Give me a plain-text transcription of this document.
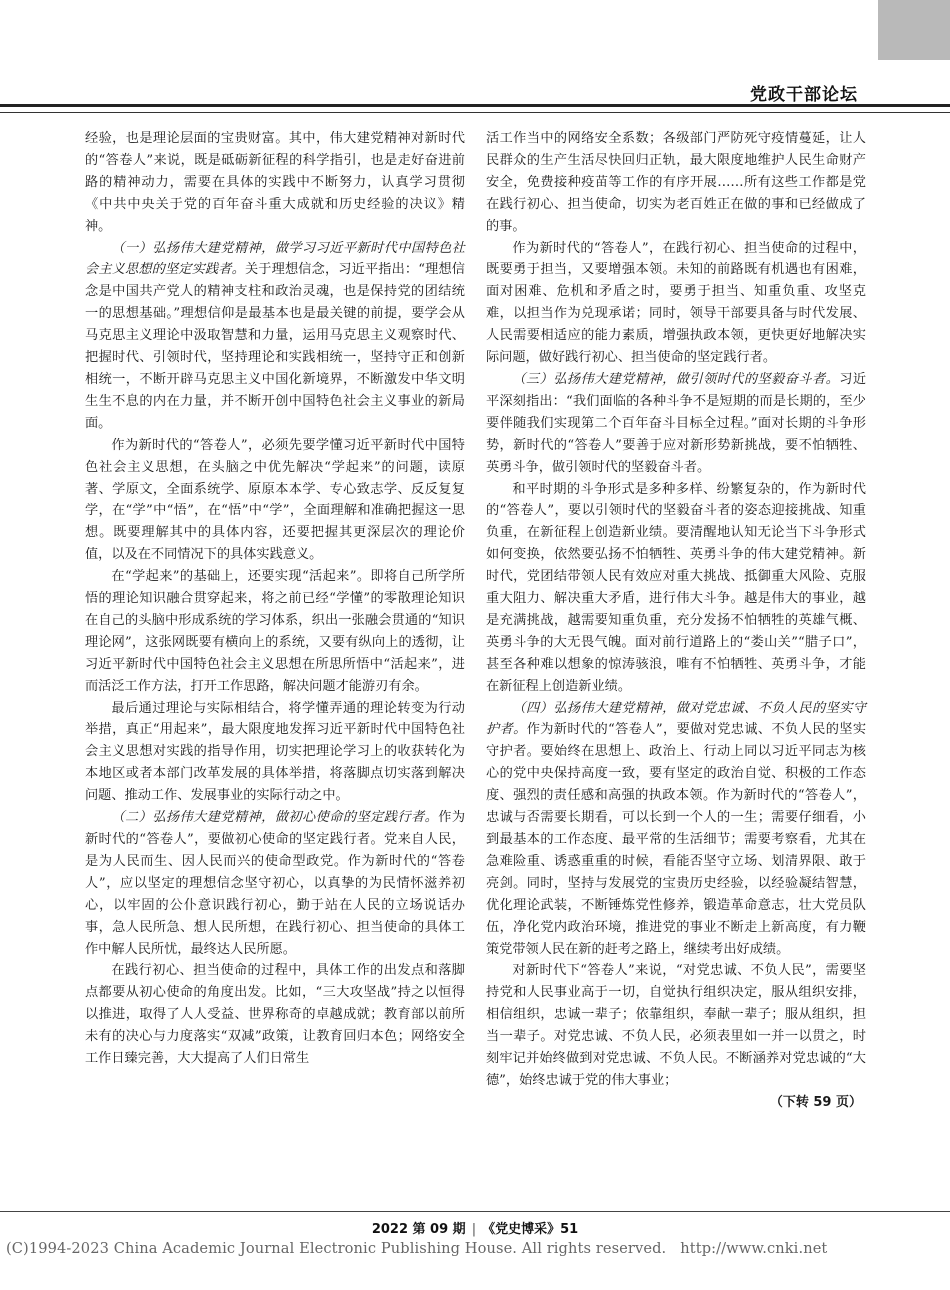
党政干部论坛

经验，也是理论层面的宝贵财富。其中，伟大建党精神对新时代的“答卷人”来说，既是砥砺新征程的科学指引，也是走好奋进前路的精神动力，需要在具体的实践中不断努力，认真学习贯彻《中共中央关于党的百年奋斗重大成就和历史经验的决议》精神。

（一）弘扬伟大建党精神，做学习习近平新时代中国特色社会主义思想的坚定实践者。关于理想信念，习近平指出：“理想信念是中国共产党人的精神支柱和政治灵魂，也是保持党的团结统一的思想基础。”理想信仰是最基本也是最关键的前提，要学会从马克思主义理论中汲取智慧和力量，运用马克思主义观察时代、把握时代、引领时代，坚持理论和实践相统一，坚持守正和创新相统一，不断开辟马克思主义中国化新境界，不断激发中华文明生生不息的内在力量，并不断开创中国特色社会主义事业的新局面。

作为新时代的“答卷人”，必须先要学懂习近平新时代中国特色社会主义思想，在头脑之中优先解决“学起来”的问题，读原著、学原文，全面系统学、原原本本学、专心致志学、反反复复学，在“学”中“悟”，在“悟”中“学”，全面理解和准确把握这一思想。既要理解其中的具体内容，还要把握其更深层次的理论价值，以及在不同情况下的具体实践意义。

在“学起来”的基础上，还要实现“活起来”。即将自己所学所悟的理论知识融合贯穿起来，将之前已经“学懂”的零散理论知识在自己的头脑中形成系统的学习体系，织出一张融会贯通的“知识理论网”，这张网既要有横向上的系统，又要有纵向上的透彻，让习近平新时代中国特色社会主义思想在所思所悟中“活起来”，进而活泛工作方法，打开工作思路，解决问题才能游刃有余。

最后通过理论与实际相结合，将学懂弄通的理论转变为行动举措，真正“用起来”，最大限度地发挥习近平新时代中国特色社会主义思想对实践的指导作用，切实把理论学习上的收获转化为本地区或者本部门改革发展的具体举措，将落脚点切实落到解决问题、推动工作、发展事业的实际行动之中。

（二）弘扬伟大建党精神，做初心使命的坚定践行者。作为新时代的“答卷人”，要做初心使命的坚定践行者。党来自人民，是为人民而生、因人民而兴的使命型政党。作为新时代的“答卷人”，应以坚定的理想信念坚守初心，以真挚的为民情怀滋养初心，以牢固的公仆意识践行初心，勤于站在人民的立场说话办事，急人民所急、想人民所想，在践行初心、担当使命的具体工作中解人民所忧，最终达人民所愿。

在践行初心、担当使命的过程中，具体工作的出发点和落脚点都要从初心使命的角度出发。比如，“三大攻坚战”持之以恒得以推进，取得了人人受益、世界称奇的卓越成就；教育部以前所未有的决心与力度落实“双减”政策，让教育回归本色；网络安全工作日臻完善，大大提高了人们日常生

活工作当中的网络安全系数；各级部门严防死守疫情蔓延，让人民群众的生产生活尽快回归正轨，最大限度地维护人民生命财产安全，免费接种疫苗等工作的有序开展……所有这些工作都是党在践行初心、担当使命，切实为老百姓正在做的事和已经做成了的事。

作为新时代的“答卷人”，在践行初心、担当使命的过程中，既要勇于担当，又要增强本领。未知的前路既有机遇也有困难，面对困难、危机和矛盾之时，要勇于担当、知重负重、攻坚克难，以担当作为兑现承诺；同时，领导干部要具备与时代发展、人民需要相适应的能力素质，增强执政本领，更快更好地解决实际问题，做好践行初心、担当使命的坚定践行者。

（三）弘扬伟大建党精神，做引领时代的坚毅奋斗者。习近平深刻指出：“我们面临的各种斗争不是短期的而是长期的，至少要伴随我们实现第二个百年奋斗目标全过程。”面对长期的斗争形势，新时代的“答卷人”要善于应对新形势新挑战，要不怕牺牲、英勇斗争，做引领时代的坚毅奋斗者。

和平时期的斗争形式是多种多样、纷繁复杂的，作为新时代的“答卷人”，要以引领时代的坚毅奋斗者的姿态迎接挑战、知重负重，在新征程上创造新业绩。要清醒地认知无论当下斗争形式如何变换，依然要弘扬不怕牺牲、英勇斗争的伟大建党精神。新时代，党团结带领人民有效应对重大挑战、抵御重大风险、克服重大阻力、解决重大矛盾，进行伟大斗争。越是伟大的事业，越是充满挑战，越需要知重负重，充分发扬不怕牺牲的英雄气概、英勇斗争的大无畏气魄。面对前行道路上的“娄山关”“腊子口”，甚至各种难以想象的惊涛骇浪，唯有不怕牺牲、英勇斗争，才能在新征程上创造新业绩。

（四）弘扬伟大建党精神，做对党忠诚、不负人民的坚实守护者。作为新时代的“答卷人”，要做对党忠诚、不负人民的坚实守护者。要始终在思想上、政治上、行动上同以习近平同志为核心的党中央保持高度一致，要有坚定的政治自觉、积极的工作态度、强烈的责任感和高强的执政本领。作为新时代的“答卷人”，忠诚与否需要长期看，可以长到一个人的一生；需要仔细看，小到最基本的工作态度、最平常的生活细节；需要考察看，尤其在急难险重、诱惑重重的时候，看能否坚守立场、划清界限、敢于亮剑。同时，坚持与发展党的宝贵历史经验，以经验凝结智慧，优化理论武装，不断锤炼党性修养，锻造革命意志，壮大党员队伍，净化党内政治环境，推进党的事业不断走上新高度，有力鞭策党带领人民在新的赶考之路上，继续考出好成绩。

对新时代下“答卷人”来说，“对党忠诚、不负人民”，需要坚持党和人民事业高于一切，自觉执行组织决定，服从组织安排，相信组织，忠诚一辈子；依靠组织，奉献一辈子；服从组织，担当一辈子。对党忠诚、不负人民，必须表里如一并一以贯之，时刻牢记并始终做到对党忠诚、不负人民。不断涵养对党忠诚的“大德”，始终忠诚于党的伟大事业；

（下转 59 页）
2022 第 09 期 | 《党史博采》51
(C)1994-2023 China Academic Journal Electronic Publishing House. All rights reserved. http://www.cnki.net
